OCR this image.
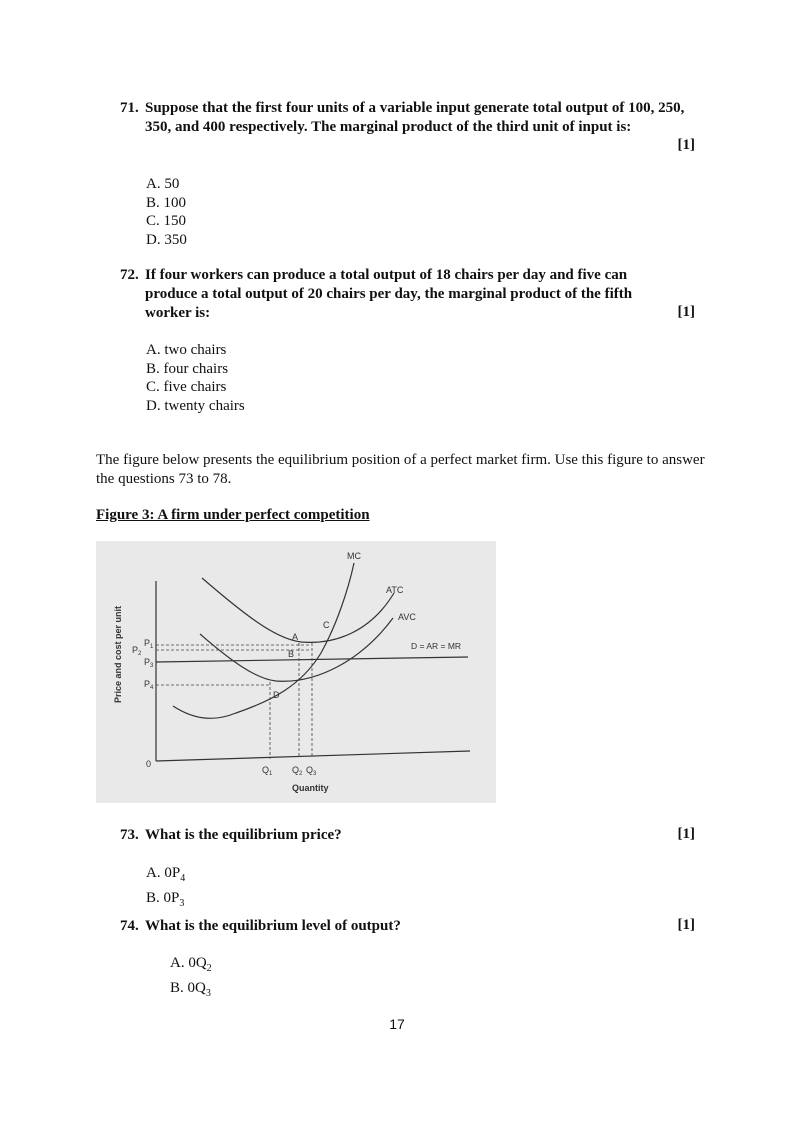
71. Suppose that the first four units of a variable input generate total output of 100, 250, 350, and 400 respectively. The marginal product of the third unit of input is:
[1]
A. 50
B. 100
C. 150
D. 350
72. If four workers can produce a total output of 18 chairs per day and five can produce a total output of 20 chairs per day, the marginal product of the fifth worker is:	[1]
A. two chairs
B. four chairs
C. five chairs
D. twenty chairs
The figure below presents the equilibrium position of a perfect market firm. Use this figure to answer the questions 73 to 78.
Figure 3: A firm under perfect competition
Price and cost per unit $P_1$
$P_2$
$P_3$
$P_4$
0
$Q_1$ $Q_2$ $Q_3$
Quantity
MC
ATC
AVC
D = AR = MR
A
B
C
D
73. What is the equilibrium price?	[1]
A. $0P_4$
B. $0P_3$
74. What is the equilibrium level of output?	[1]
A. $0Q_2$
B. $0Q_3$
17
